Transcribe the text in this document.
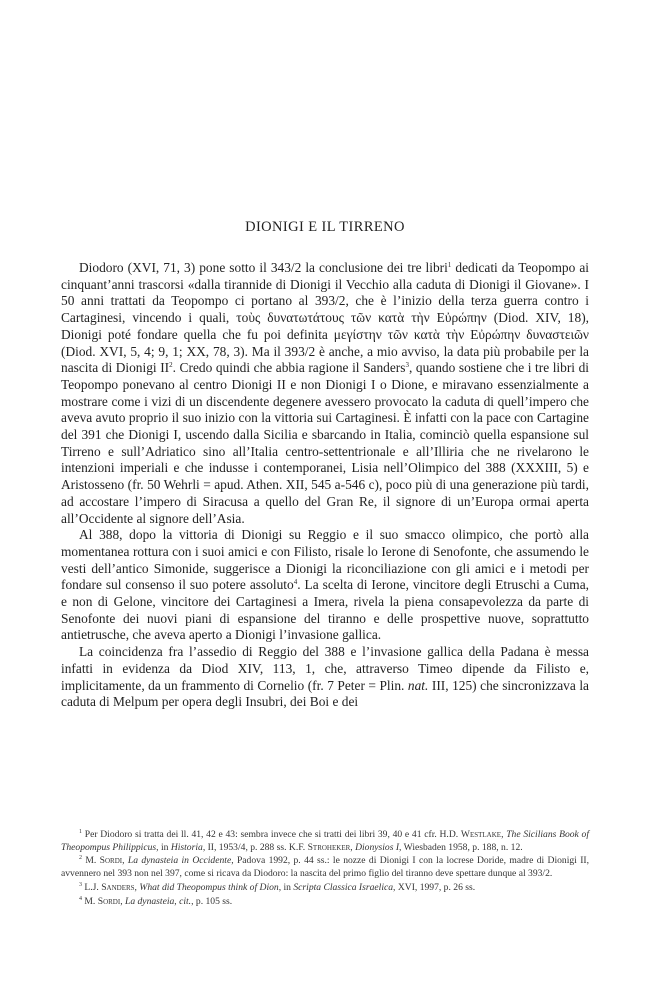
DIONIGI E IL TIRRENO

Diodoro (XVI, 71, 3) pone sotto il 343/2 la conclusione dei tre libri$^1$ dedicati da Teopompo ai cinquant’anni trascorsi «dalla tirannide di Dionigi il Vecchio alla caduta di Dionigi il Giovane». I 50 anni trattati da Teopompo ci portano al 393/2, che è l’inizio della terza guerra contro i Cartaginesi, vincendo i quali, τοὺς δυνατωτάτους τῶν κατὰ τὴν Εὐρώπην (Diod. XIV, 18), Dionigi poté fondare quella che fu poi definita μεγίστην τῶν κατὰ τὴν Εὐρώπην δυναστειῶν (Diod. XVI, 5, 4; 9, 1; XX, 78, 3). Ma il 393/2 è anche, a mio avviso, la data più probabile per la nascita di Dionigi $II^2$. Credo quindi che abbia ragione il Sanders$^3$, quando sostiene che i tre libri di Teopompo ponevano al centro Dionigi II e non Dionigi I o Dione, e miravano essenzialmente a mostrare come i vizi di un discendente degenere avessero provocato la caduta di quell’impero che aveva avuto proprio il suo inizio con la vittoria sui Cartaginesi. È infatti con la pace con Cartagine del 391 che Dionigi I, uscendo dalla Sicilia e sbarcando in Italia, cominciò quella espansione sul Tirreno e sull’Adriatico sino all’Italia centro-settentrionale e all’Illiria che ne rivelarono le intenzioni imperiali e che indusse i contemporanei, Lisia nell’Olimpico del 388 (XXXIII, 5) e Aristosseno (fr. 50 Wehrli = apud. Athen. XII, 545 a-546 c), poco più di una generazione più tardi, ad accostare l’impero di Siracusa a quello del Gran Re, il signore di un’Europa ormai aperta all’Occidente al signore dell’Asia.

Al 388, dopo la vittoria di Dionigi su Reggio e il suo smacco olimpico, che portò alla momentanea rottura con i suoi amici e con Filisto, risale lo Ierone di Senofonte, che assumendo le vesti dell’antico Simonide, suggerisce a Dionigi la riconciliazione con gli amici e i metodi per fondare sul consenso il suo potere assoluto$^4$. La scelta di Ierone, vincitore degli Etruschi a Cuma, e non di Gelone, vincitore dei Cartaginesi a Imera, rivela la piena consapevolezza da parte di Senofonte dei nuovi piani di espansione del tiranno e delle prospettive nuove, soprattutto antietrusche, che aveva aperto a Dionigi l’invasione gallica.

La coincidenza fra l’assedio di Reggio del 388 e l’invasione gallica della Padana è messa infatti in evidenza da Diod XIV, 113, 1, che, attraverso Timeo dipende da Filisto e, implicitamente, da un frammento di Cornelio (fr. 7 Peter = Plin. nat. III, 125) che sincronizzava la caduta di Melpum per opera degli Insubri, dei Boi e dei

$^1$ Per Diodoro si tratta dei ll. 41, 42 e 43: sembra invece che si tratti dei libri 39, 40 e 41 cfr. H.D. Westlake, The Sicilians Book of Theopompus Philippicus, in Historia, II, 1953/4, p. 288 ss. K.F. Stroheker, Dionysios I, Wiesbaden 1958, p. 188, n. 12.

$^2$ M. Sordi, La dynasteia in Occidente, Padova 1992, p. 44 ss.: le nozze di Dionigi I con la locrese Doride, madre di Dionigi II, avvennero nel 393 non nel 397, come si ricava da Diodoro: la nascita del primo figlio del tiranno deve spettare dunque al 393/2.

$^3$ L.J. Sanders, What did Theopompus think of Dion, in Scripta Classica Israelica, XVI, 1997, p. 26 ss.

$^4$ M. Sordi, La dynasteia, cit., p. 105 ss.
